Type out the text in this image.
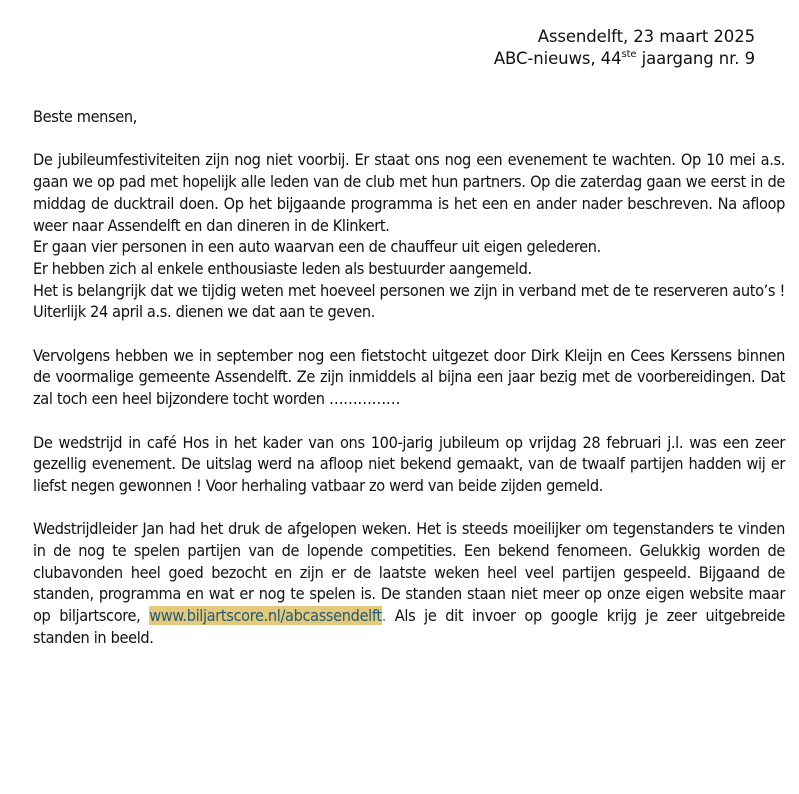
Assendelft, 23 maart 2025
ABC-nieuws, 44ste jaargang nr. 9

Beste mensen,

De jubileumfestiviteiten zijn nog niet voorbij. Er staat ons nog een evenement te wachten. Op 10 mei a.s. gaan we op pad met hopelijk alle leden van de club met hun partners. Op die zaterdag gaan we eerst in de middag de ducktrail doen. Op het bijgaande programma is het een en ander nader beschreven. Na afloop weer naar Assendelft en dan dineren in de Klinkert.

Er gaan vier personen in een auto waarvan een de chauffeur uit eigen gelederen.

Er hebben zich al enkele enthousiaste leden als bestuurder aangemeld.

Het is belangrijk dat we tijdig weten met hoeveel personen we zijn in verband met de te reserveren auto’s ! Uiterlijk 24 april a.s. dienen we dat aan te geven.

Vervolgens hebben we in september nog een fietstocht uitgezet door Dirk Kleijn en Cees Kerssens binnen de voormalige gemeente Assendelft. Ze zijn inmiddels al bijna een jaar bezig met de voorbereidingen. Dat zal toch een heel bijzondere tocht worden ……………

De wedstrijd in café Hos in het kader van ons 100-jarig jubileum op vrijdag 28 februari j.l. was een zeer gezellig evenement. De uitslag werd na afloop niet bekend gemaakt, van de twaalf partijen hadden wij er liefst negen gewonnen ! Voor herhaling vatbaar zo werd van beide zijden gemeld.

Wedstrijdleider Jan had het druk de afgelopen weken. Het is steeds moeilijker om tegenstanders te vinden in de nog te spelen partijen van de lopende competities. Een bekend fenomeen. Gelukkig worden de clubavonden heel goed bezocht en zijn er de laatste weken heel veel partijen gespeeld. Bijgaand de standen, programma en wat er nog te spelen is. De standen staan niet meer op onze eigen website maar op biljartscore, www.biljartscore.nl/abcassendelft. Als je dit invoer op google krijg je zeer uitgebreide standen in beeld.
